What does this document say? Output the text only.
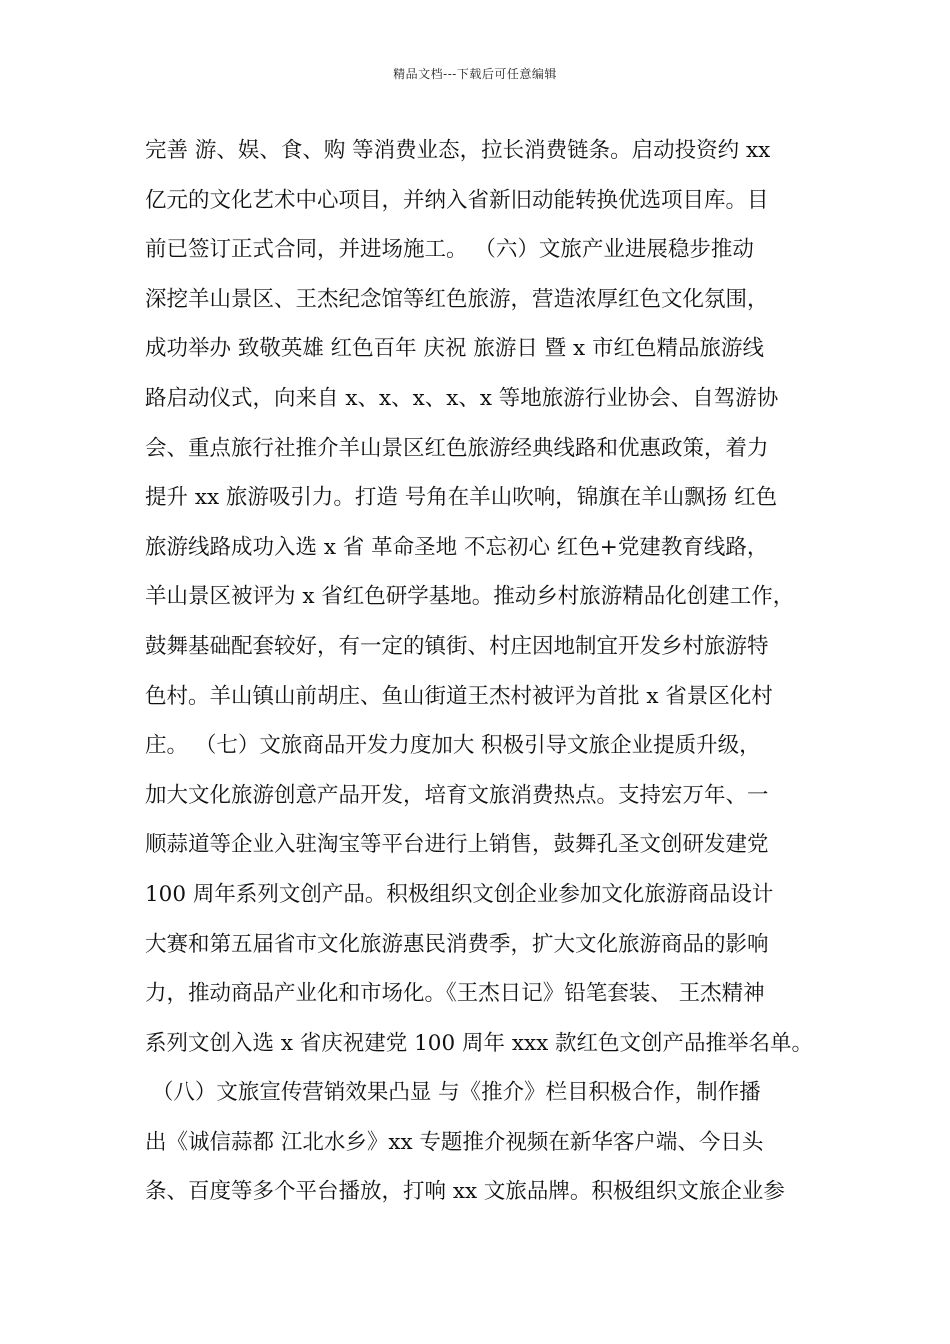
精品文档---下载后可任意编辑
完善 游、娱、食、购 等消费业态，拉长消费链条。启动投资约 xx
亿元的文化艺术中心项目，并纳入省新旧动能转换优选项目库。目
前已签订正式合同，并进场施工。 （六）文旅产业进展稳步推动
深挖羊山景区、王杰纪念馆等红色旅游，营造浓厚红色文化氛围，
成功举办 致敬英雄 红色百年 庆祝 旅游日 暨 x 市红色精品旅游线
路启动仪式，向来自 x、x、x、x、x 等地旅游行业协会、自驾游协
会、重点旅行社推介羊山景区红色旅游经典线路和优惠政策，着力
提升 xx 旅游吸引力。打造 号角在羊山吹响，锦旗在羊山飘扬 红色
旅游线路成功入选 x 省 革命圣地 不忘初心 红色+党建教育线路，
羊山景区被评为 x 省红色研学基地。推动乡村旅游精品化创建工作，
鼓舞基础配套较好，有一定的镇街、村庄因地制宜开发乡村旅游特
色村。羊山镇山前胡庄、鱼山街道王杰村被评为首批 x 省景区化村
庄。 （七）文旅商品开发力度加大 积极引导文旅企业提质升级，
加大文化旅游创意产品开发，培育文旅消费热点。支持宏万年、一
顺蒜道等企业入驻淘宝等平台进行上销售，鼓舞孔圣文创研发建党
100 周年系列文创产品。积极组织文创企业参加文化旅游商品设计
大赛和第五届省市文化旅游惠民消费季，扩大文化旅游商品的影响
力，推动商品产业化和市场化。《王杰日记》铅笔套装、 王杰精神
系列文创入选 x 省庆祝建党 100 周年 xxx 款红色文创产品推举名单。
（八）文旅宣传营销效果凸显 与《推介》栏目积极合作，制作播
出《诚信蒜都 江北水乡》xx 专题推介视频在新华客户端、今日头
条、百度等多个平台播放，打响 xx 文旅品牌。积极组织文旅企业参
